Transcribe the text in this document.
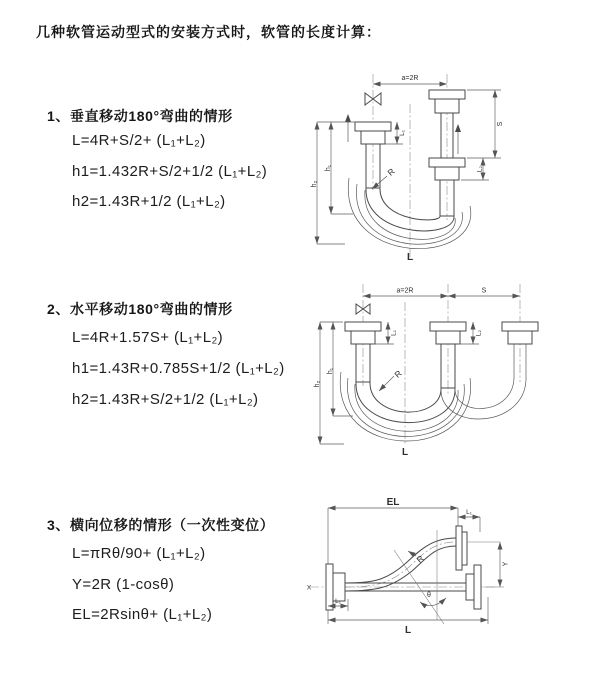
几种软管运动型式的安装方式时，软管的长度计算：
1、垂直移动180°弯曲的情形
L=4R+S/2+ (L₁+L₂)
h1=1.432R+S/2+1/2 (L₁+L₂)
h2=1.43R+1/2 (L₁+L₂)
2、水平移动180°弯曲的情形
L=4R+1.57S+ (L₁+L₂)
h1=1.43R+0.785S+1/2 (L₁+L₂)
h2=1.43R+S/2+1/2 (L₁+L₂)
3、横向位移的情形（一次性变位）
L=πRθ/90+ (L₁+L₂)
Y=2R (1-cosθ)
EL=2Rsinθ+ (L₁+L₂)
a=2R
h₂
h₁
L₁
S
L₂
R
L
a=2R	S
h₂
h₁
L₁	L₂
R
L
EL
L₁
X
Y
θ
R
L₁
L
